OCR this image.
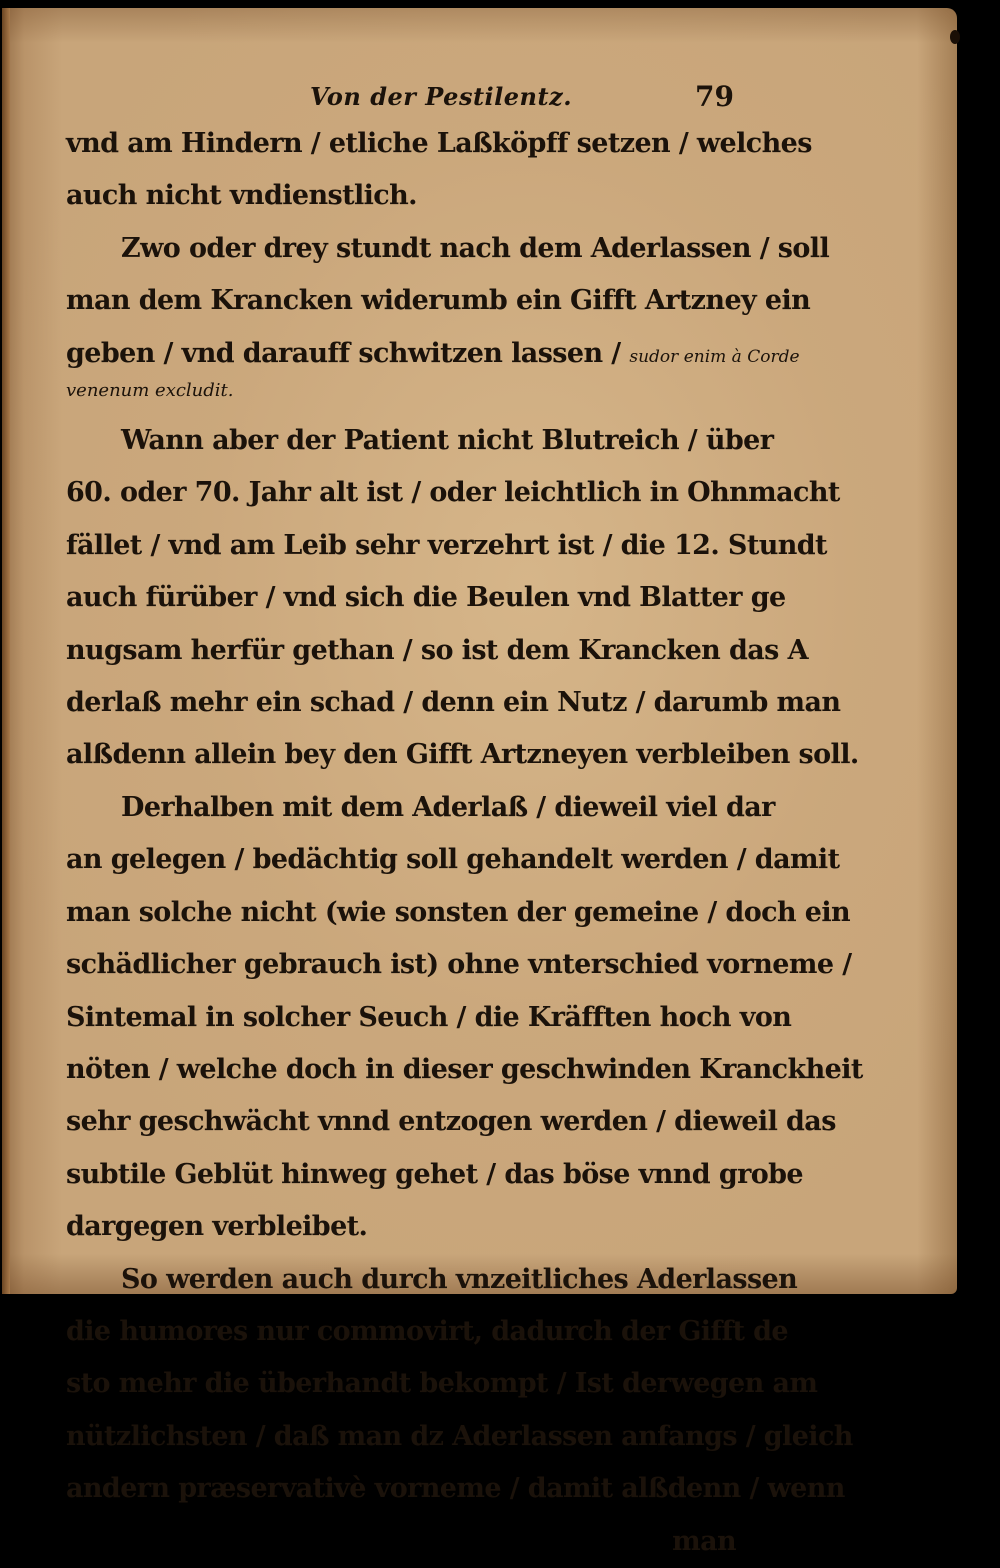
Von der Pestilentz.	79
vnd am Hindern / etliche Laßköpff setzen / welches
auch nicht vndienstlich.
Zwo oder drey stundt nach dem Aderlassen / soll
man dem Krancken widerumb ein Gifft Artzney ein
geben / vnd darauff schwitzen lassen / sudor enim à Corde
venenum excludit.
Wann aber der Patient nicht Blutreich / über
60. oder 70. Jahr alt ist / oder leichtlich in Ohnmacht
fället / vnd am Leib sehr verzehrt ist / die 12. Stundt
auch fürüber / vnd sich die Beulen vnd Blatter ge
nugsam herfür gethan / so ist dem Krancken das A
derlaß mehr ein schad / denn ein Nutz / darumb man
alßdenn allein bey den Gifft Artzneyen verbleiben soll.
Derhalben mit dem Aderlaß / dieweil viel dar
an gelegen / bedächtig soll gehandelt werden / damit
man solche nicht (wie sonsten der gemeine / doch ein
schädlicher gebrauch ist) ohne vnterschied vorneme /
Sintemal in solcher Seuch / die Kräfften hoch von
nöten / welche doch in dieser geschwinden Kranckheit
sehr geschwächt vnnd entzogen werden / dieweil das
subtile Geblüt hinweg gehet / das böse vnnd grobe
dargegen verbleibet.
So werden auch durch vnzeitliches Aderlassen
die humores nur commovirt, dadurch der Gifft de
sto mehr die überhandt bekompt / Ist derwegen am
nützlichsten / daß man dz Aderlassen anfangs / gleich
andern præservativè vorneme / damit alßdenn / wenn
man
